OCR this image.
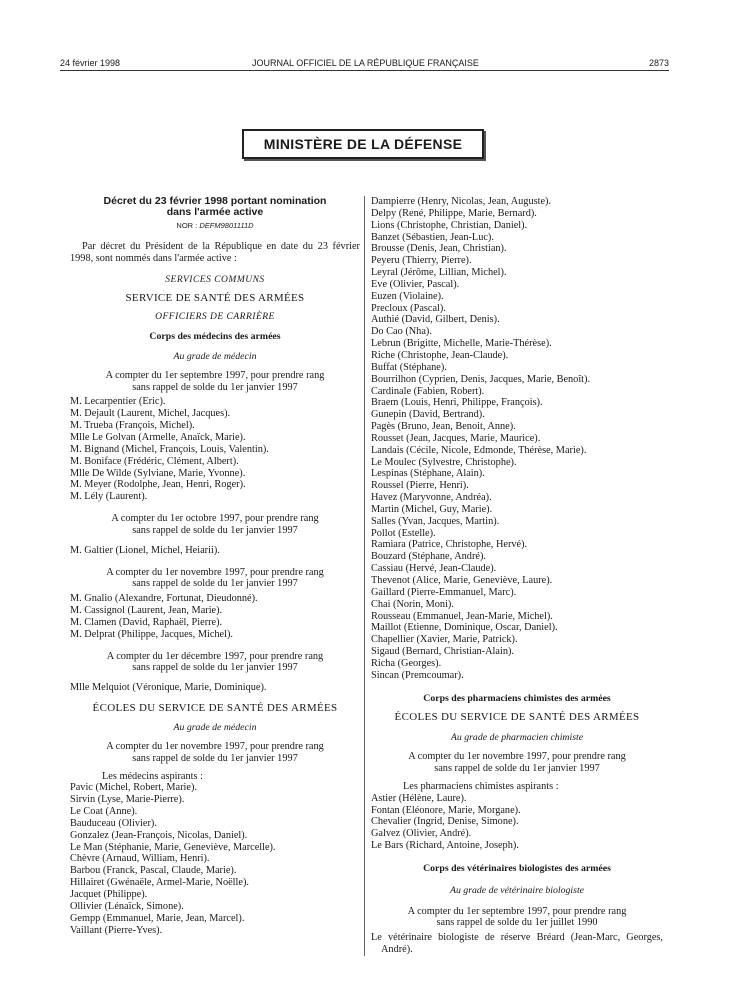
24 février 1998	JOURNAL OFFICIEL DE LA RÉPUBLIQUE FRANÇAISE	2873
MINISTÈRE DE LA DÉFENSE
Décret du 23 février 1998 portant nomination
dans l'armée active
NOR : DEFM9801111D
Par décret du Président de la République en date du 23 février 1998, sont nommés dans l'armée active :
SERVICES COMMUNS
SERVICE DE SANTÉ DES ARMÉES
OFFICIERS DE CARRIÈRE
Corps des médecins des armées
Au grade de médecin
A compter du 1er septembre 1997, pour prendre rang
sans rappel de solde du 1er janvier 1997
M. Lecarpentier (Eric).
M. Dejault (Laurent, Michel, Jacques).
M. Trueba (François, Michel).
Mlle Le Golvan (Armelle, Anaïck, Marie).
M. Bignand (Michel, François, Louis, Valentin).
M. Boniface (Frédéric, Clément, Albert).
Mlle De Wilde (Sylviane, Marie, Yvonne).
M. Meyer (Rodolphe, Jean, Henri, Roger).
M. Lély (Laurent).
A compter du 1er octobre 1997, pour prendre rang
sans rappel de solde du 1er janvier 1997
M. Galtier (Lionel, Michel, Heiarii).
A compter du 1er novembre 1997, pour prendre rang
sans rappel de solde du 1er janvier 1997
M. Gnalio (Alexandre, Fortunat, Dieudonné).
M. Cassignol (Laurent, Jean, Marie).
M. Clamen (David, Raphaël, Pierre).
M. Delprat (Philippe, Jacques, Michel).
A compter du 1er décembre 1997, pour prendre rang
sans rappel de solde du 1er janvier 1997
Mlle Melquiot (Véronique, Marie, Dominique).
ÉCOLES DU SERVICE DE SANTÉ DES ARMÉES
Au grade de médecin
A compter du 1er novembre 1997, pour prendre rang
sans rappel de solde du 1er janvier 1997
Les médecins aspirants :
Pavic (Michel, Robert, Marie).
Sirvin (Lyse, Marie-Pierre).
Le Coat (Anne).
Bauduceau (Olivier).
Gonzalez (Jean-François, Nicolas, Daniel).
Le Man (Stéphanie, Marie, Geneviève, Marcelle).
Chèvre (Arnaud, William, Henri).
Barbou (Franck, Pascal, Claude, Marie).
Hillairet (Gwénaële, Armel-Marie, Noëlle).
Jacquet (Philippe).
Ollivier (Lénaïck, Simone).
Gempp (Emmanuel, Marie, Jean, Marcel).
Vaillant (Pierre-Yves).
Dampierre (Henry, Nicolas, Jean, Auguste).
Delpy (René, Philippe, Marie, Bernard).
Lions (Christophe, Christian, Daniel).
Banzet (Sébastien, Jean-Luc).
Brousse (Denis, Jean, Christian).
Peyeru (Thierry, Pierre).
Leyral (Jérôme, Lillian, Michel).
Eve (Olivier, Pascal).
Euzen (Violaine).
Precloux (Pascal).
Authié (David, Gilbert, Denis).
Do Cao (Nha).
Lebrun (Brigitte, Michelle, Marie-Thérèse).
Riche (Christophe, Jean-Claude).
Buffat (Stéphane).
Bourrilhon (Cyprien, Denis, Jacques, Marie, Benoît).
Cardinale (Fabien, Robert).
Braem (Louis, Henri, Philippe, François).
Gunepin (David, Bertrand).
Pagès (Bruno, Jean, Benoit, Anne).
Rousset (Jean, Jacques, Marie, Maurice).
Landais (Cécile, Nicole, Edmonde, Thérèse, Marie).
Le Moulec (Sylvestre, Christophe).
Lespinas (Stéphane, Alain).
Roussel (Pierre, Henri).
Havez (Maryvonne, Andréa).
Martin (Michel, Guy, Marie).
Salles (Yvan, Jacques, Martin).
Pollot (Estelle).
Ramiara (Patrice, Christophe, Hervé).
Bouzard (Stéphane, André).
Cassiau (Hervé, Jean-Claude).
Thevenot (Alice, Marie, Geneviève, Laure).
Gaillard (Pierre-Emmanuel, Marc).
Chai (Norin, Moni).
Rousseau (Emmanuel, Jean-Marie, Michel).
Maillot (Etienne, Dominique, Oscar, Daniel).
Chapellier (Xavier, Marie, Patrick).
Sigaud (Bernard, Christian-Alain).
Richa (Georges).
Sincan (Premcoumar).
Corps des pharmaciens chimistes des armées
ÉCOLES DU SERVICE DE SANTÉ DES ARMÉES
Au grade de pharmacien chimiste
A compter du 1er novembre 1997, pour prendre rang
sans rappel de solde du 1er janvier 1997
Les pharmaciens chimistes aspirants :
Astier (Hélène, Laure).
Fontan (Eléonore, Marie, Morgane).
Chevalier (Ingrid, Denise, Simone).
Galvez (Olivier, André).
Le Bars (Richard, Antoine, Joseph).
Corps des vétérinaires biologistes des armées
Au grade de vétérinaire biologiste
A compter du 1er septembre 1997, pour prendre rang
sans rappel de solde du 1er juillet 1990
Le vétérinaire biologiste de réserve Bréard (Jean-Marc, Georges, André).
